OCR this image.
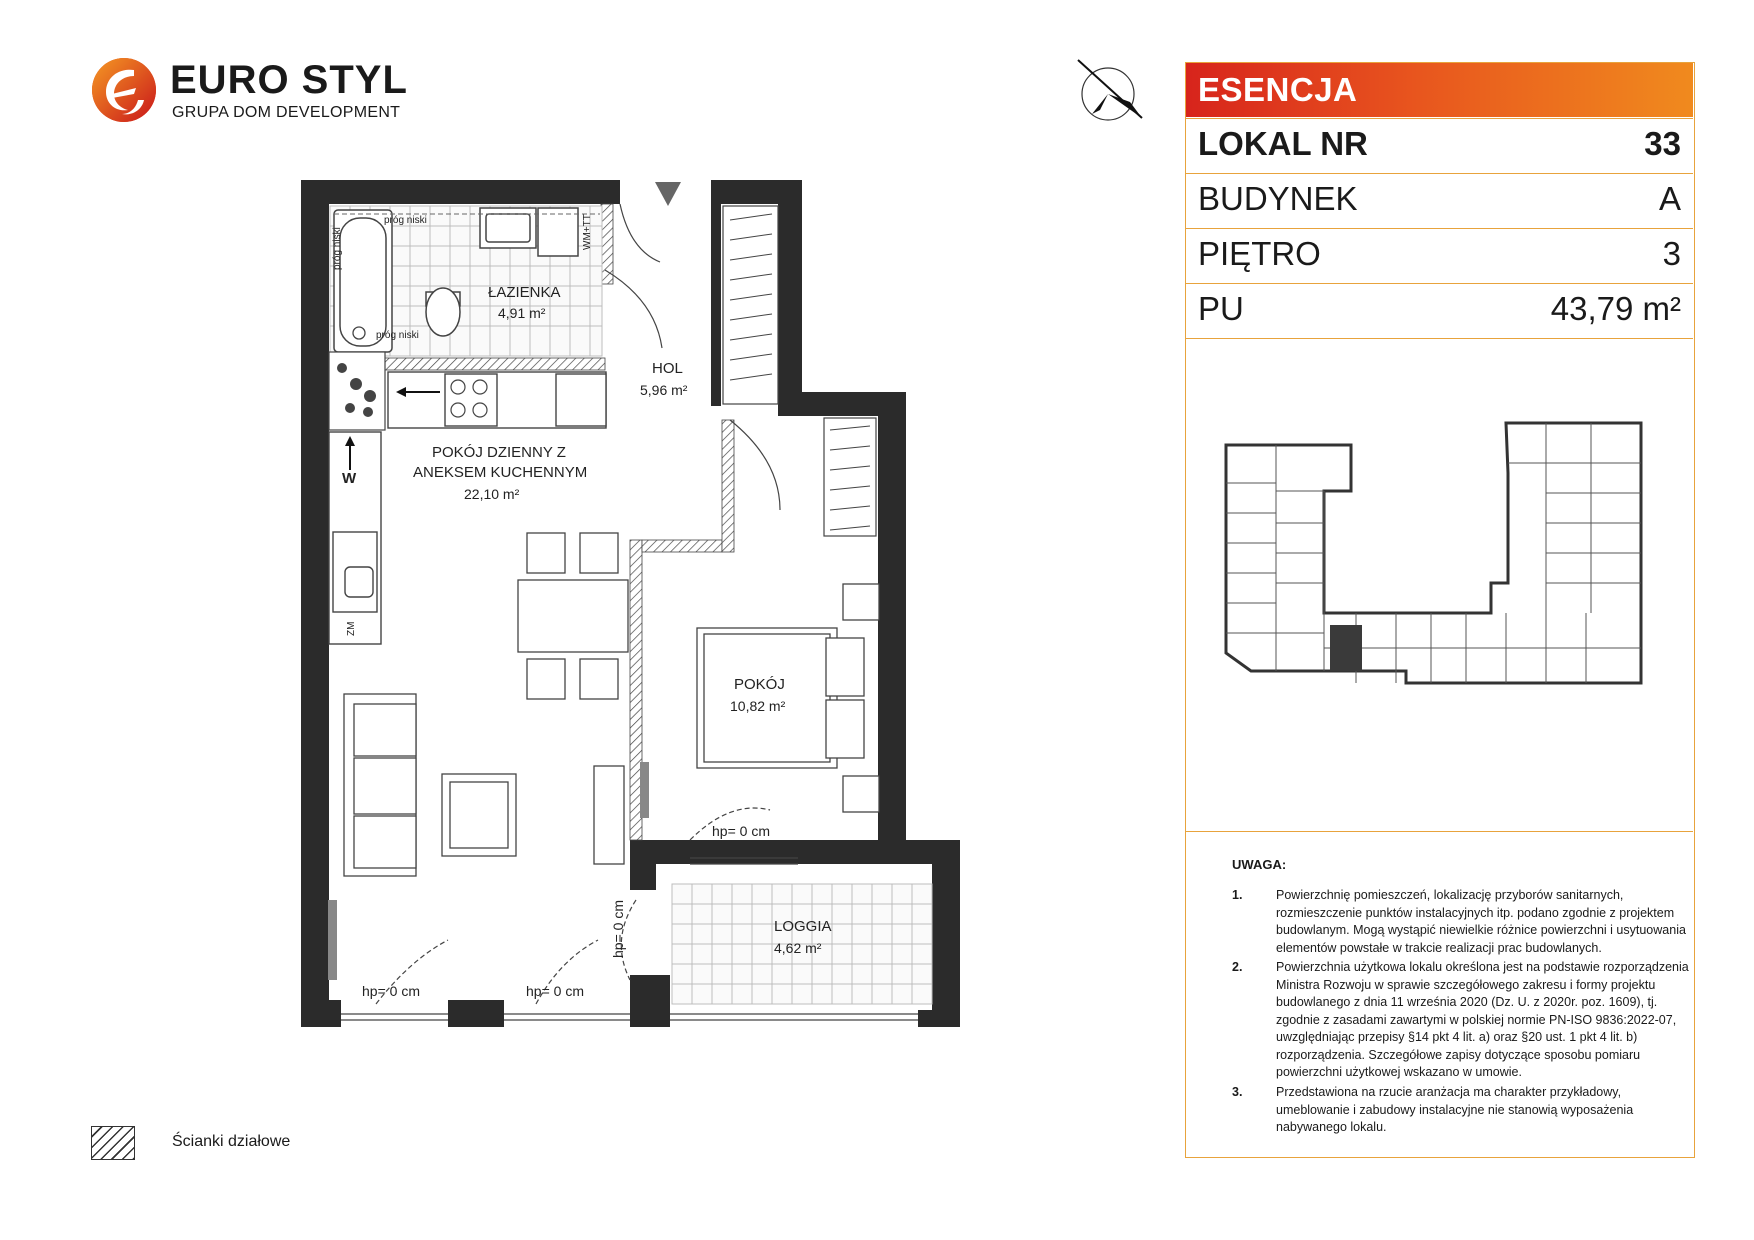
EURO STYL
GRUPA DOM DEVELOPMENT
ŁAZIENKA
4,91 m²
HOL
5,96 m²
POKÓJ DZIENNY Z
ANEKSEM KUCHENNYM
22,10 m²
POKÓJ
10,82 m²
LOGGIA
4,62 m²
próg niski
próg niski
próg niski
WM+TT
W
ZM
hp= 0 cm	hp= 0 cm
hp= 0 cm
hp= 0 cm
Ścianki działowe
ESENCJA
LOKAL NR	33
BUDYNEK	A
PIĘTRO	3
PU	43,79 m²
UWAGA:
1.	Powierzchnię pomieszczeń, lokalizację przyborów sanitarnych, rozmieszczenie punktów instalacyjnych itp. podano zgodnie z projektem budowlanym. Mogą wystąpić niewielkie różnice powierzchni i usytuowania elementów powstałe w trakcie realizacji prac budowlanych.
2.	Powierzchnia użytkowa lokalu określona jest na podstawie rozporządzenia Ministra Rozwoju w sprawie szczegółowego zakresu i formy projektu budowlanego z dnia 11 września 2020 (Dz. U. z 2020r. poz. 1609), tj. zgodnie z zasadami zawartymi w polskiej normie PN-ISO 9836:2022-07, uwzględniając przepisy §14 pkt 4 lit. a) oraz §20 ust. 1 pkt 4 lit. b) rozporządzenia. Szczegółowe zapisy dotyczące sposobu pomiaru powierzchni użytkowej wskazano w umowie.
3.	Przedstawiona na rzucie aranżacja ma charakter przykładowy, umeblowanie i zabudowy instalacyjne nie stanowią wyposażenia nabywanego lokalu.
